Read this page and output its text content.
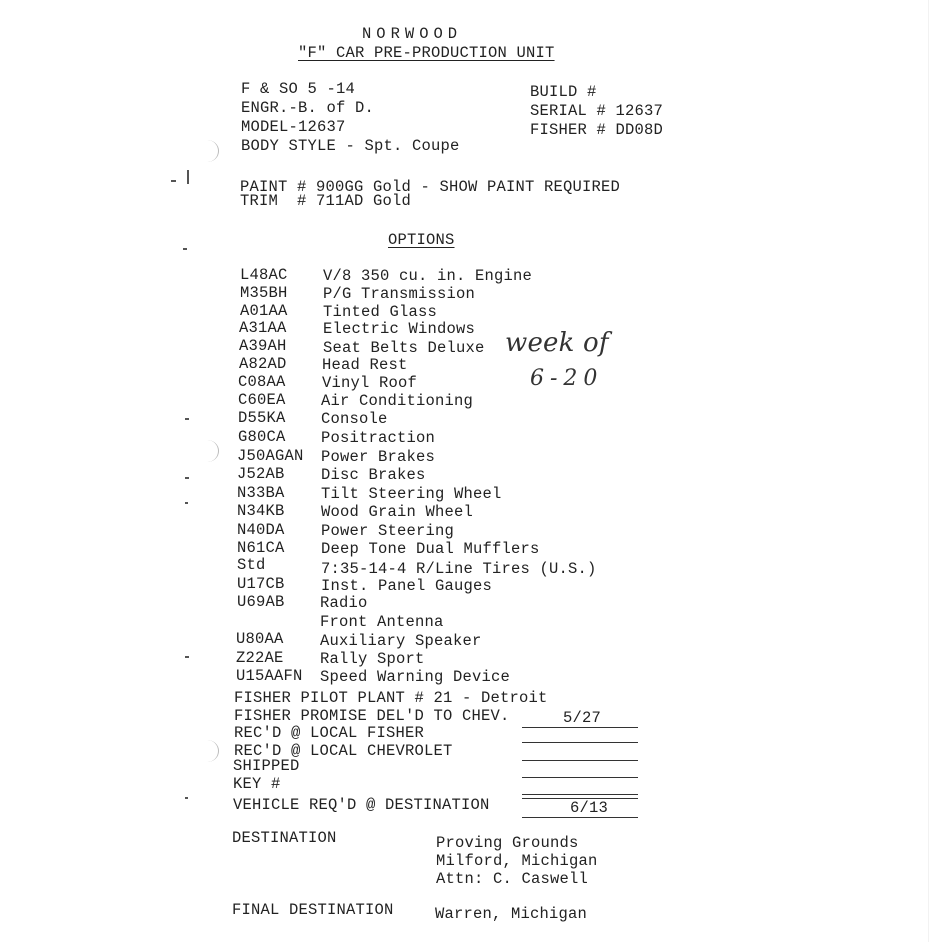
NORWOOD
"F" CAR PRE-PRODUCTION UNIT
F & SO 5 -14
ENGR.-B. of D.
MODEL-12637
BODY STYLE - Spt. Coupe
BUILD #
SERIAL # 12637
FISHER # DD08D
PAINT # 900GG Gold - SHOW PAINT REQUIRED
TRIM  # 711AD Gold
OPTIONS
L48AC V/8 350 cu. in. Engine
M35BH P/G Transmission
A01AA Tinted Glass
A31AA Electric Windows
A39AH Seat Belts Deluxe
A82AD Head Rest
C08AA Vinyl Roof
C60EA Air Conditioning
D55KA Console
G80CA Positraction
J50AGAN Power Brakes
J52AB Disc Brakes
N33BA Tilt Steering Wheel
N34KB Wood Grain Wheel
N40DA Power Steering
N61CA Deep Tone Dual Mufflers
Std	7:35-14-4 R/Line Tires (U.S.)
U17CB Inst. Panel Gauges
U69AB Radio
Front Antenna
U80AA Auxiliary Speaker
Z22AE Rally Sport
U15AAFN Speed Warning Device
week of
6-20
FISHER PILOT PLANT # 21 - Detroit
FISHER PROMISE DEL'D TO CHEV.	5/27
REC'D @ LOCAL FISHER
REC'D @ LOCAL CHEVROLET
SHIPPED
KEY #
VEHICLE REQ'D @ DESTINATION	6/13
DESTINATION	Proving Grounds
Milford, Michigan
Attn: C. Caswell
FINAL DESTINATION	Warren, Michigan
